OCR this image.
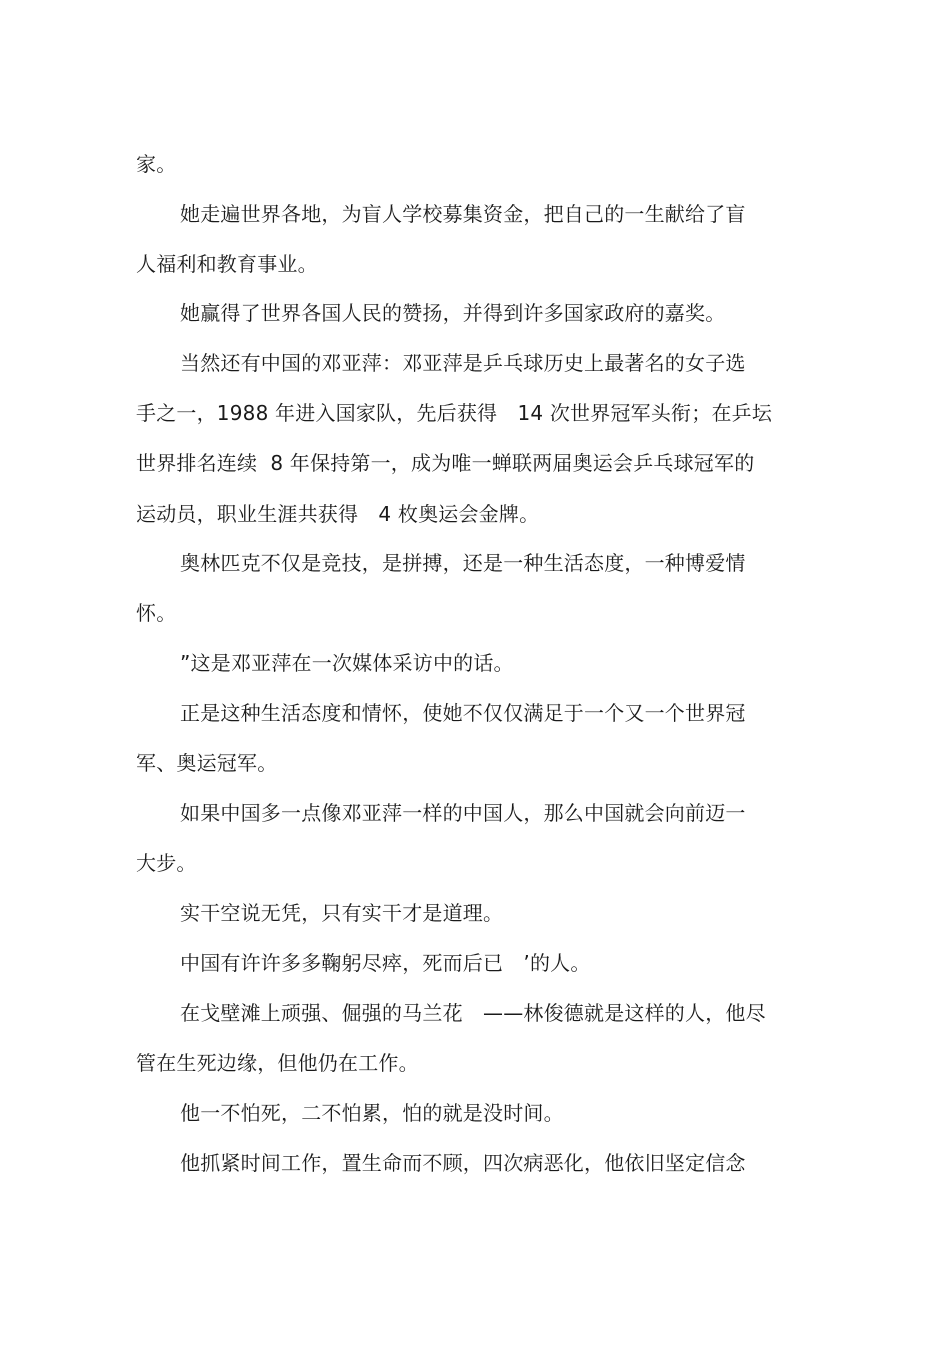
家。
她走遍世界各地，为盲人学校募集资金，把自己的一生献给了盲
人福利和教育事业。
她赢得了世界各国人民的赞扬，并得到许多国家政府的嘉奖。
当然还有中国的邓亚萍：邓亚萍是乒乓球历史上最著名的女子选
手之一，1988 年进入国家队，先后获得　14 次世界冠军头衔；在乒坛
世界排名连续  8 年保持第一，成为唯一蝉联两届奥运会乒乓球冠军的
运动员，职业生涯共获得　4 枚奥运会金牌。
奥林匹克不仅是竞技，是拼搏，还是一种生活态度，一种博爱情
怀。
”这是邓亚萍在一次媒体采访中的话。
正是这种生活态度和情怀，使她不仅仅满足于一个又一个世界冠
军、奥运冠军。
如果中国多一点像邓亚萍一样的中国人，那么中国就会向前迈一
大步。
实干空说无凭，只有实干才是道理。
中国有许许多多鞠躬尽瘁，死而后已　’的人。
在戈壁滩上顽强、倔强的马兰花　——林俊德就是这样的人，他尽
管在生死边缘，但他仍在工作。
他一不怕死，二不怕累，怕的就是没时间。
他抓紧时间工作，置生命而不顾，四次病恶化，他依旧坚定信念
